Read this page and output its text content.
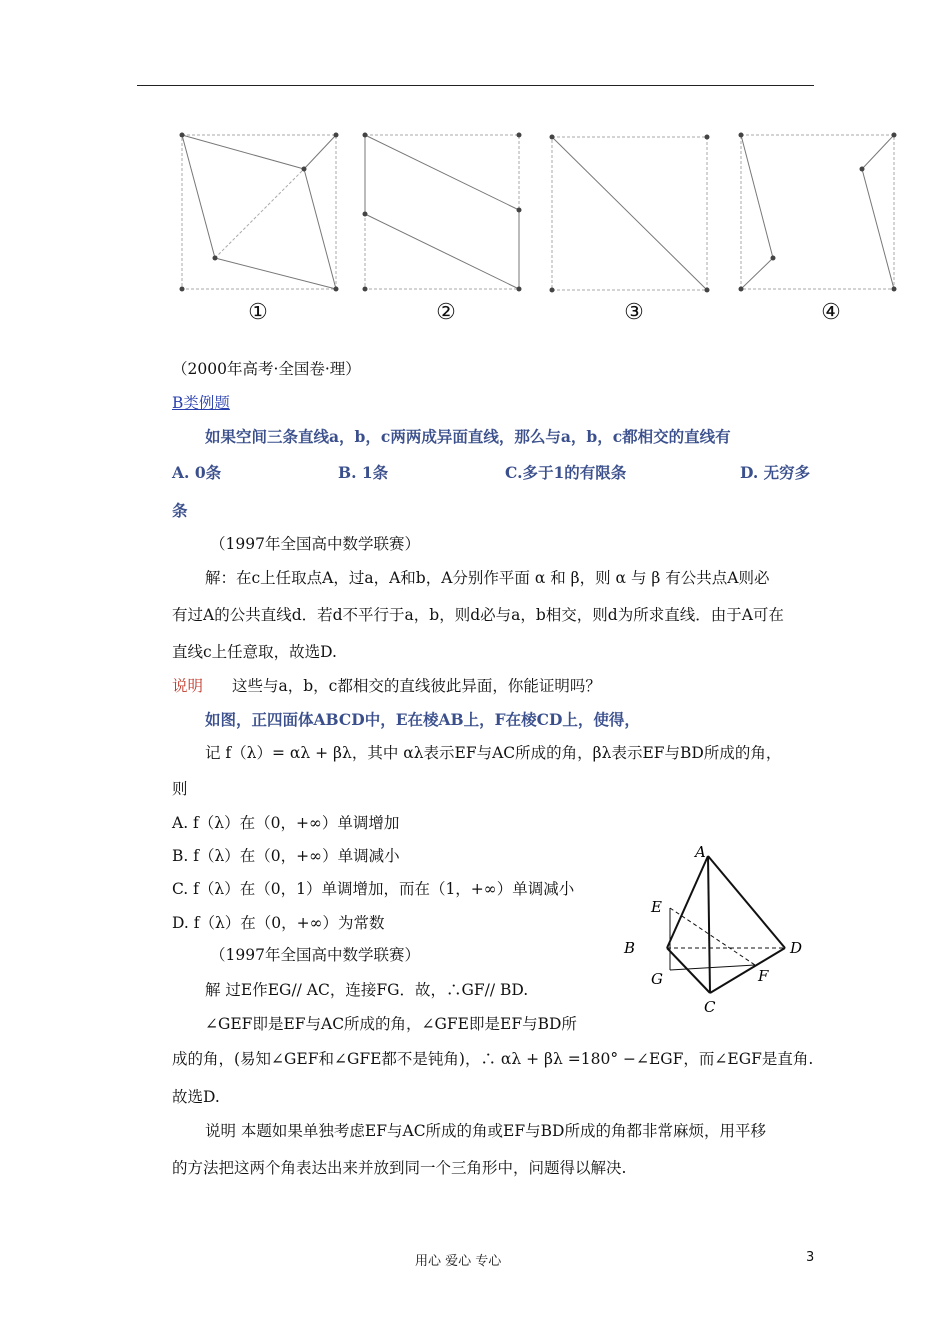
①	②	③	④
（2000年高考·全国卷·理）
B类例题
如果空间三条直线a，b，c两两成异面直线，那么与a，b，c都相交的直线有
A. 0条	B. 1条	C.多于1的有限条	D. 无穷多
条
（1997年全国高中数学联赛）
解：在c上任取点A，过a，A和b，A分别作平面 α 和 β，则 α 与 β 有公共点A则必
有过A的公共直线d．若d不平行于a，b，则d必与a，b相交，则d为所求直线．由于A可在
直线c上任意取，故选D.
说明 这些与a，b，c都相交的直线彼此异面，你能证明吗？
如图，正四面体ABCD中，E在棱AB上，F在棱CD上，使得，
记 f（λ）= αλ + βλ，其中 αλ表示EF与AC所成的角，βλ表示EF与BD所成的角，
则
A. f（λ）在（0，+∞）单调增加
B. f（λ）在（0，+∞）单调减小
C. f（λ）在（0，1）单调增加，而在（1，+∞）单调减小
D. f（λ）在（0，+∞）为常数
（1997年全国高中数学联赛）
解 过E作EG// AC，连接FG．故，∴GF// BD.
∠GEF即是EF与AC所成的角，∠GFE即是EF与BD所
成的角，(易知∠GEF和∠GFE都不是钝角)，∴ αλ + βλ =180° −∠EGF，而∠EGF是直角.
故选D.
说明 本题如果单独考虑EF与AC所成的角或EF与BD所成的角都非常麻烦，用平移
的方法把这两个角表达出来并放到同一个三角形中，问题得以解决.
A
B
C
D
E
F
G
用心 爱心 专心	3
